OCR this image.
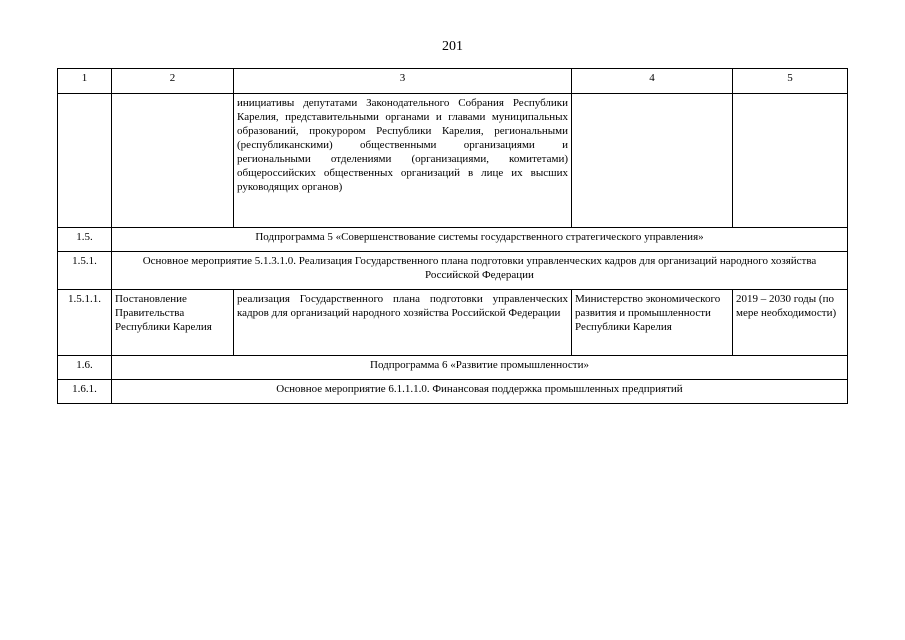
201
1	2	3	4	5
		инициативы депутатами Законодательного Собрания Республики Карелия, представительными органами и главами муниципальных образований, прокурором Республики Карелия, региональными (республиканскими) общественными организациями и региональными отделениями (организациями, комитетами) общероссийских общественных организаций в лице их высших руководящих органов)		
1.5.	Подпрограмма 5 «Совершенствование системы государственного стратегического управления»			
1.5.1.	Основное мероприятие 5.1.3.1.0. Реализация Государственного плана подготовки управленческих кадров для организаций народного хозяйства Российской Федерации			
1.5.1.1.	Постановление Правительства Республики Карелия	реализация Государственного плана подготовки управленческих кадров для организаций народного хозяйства Российской Федерации	Министерство экономического развития и промышленности Республики Карелия	2019 – 2030 годы (по мере необходимости)
1.6.	Подпрограмма 6 «Развитие промышленности»			
1.6.1.	Основное мероприятие 6.1.1.1.0. Финансовая поддержка промышленных предприятий			
